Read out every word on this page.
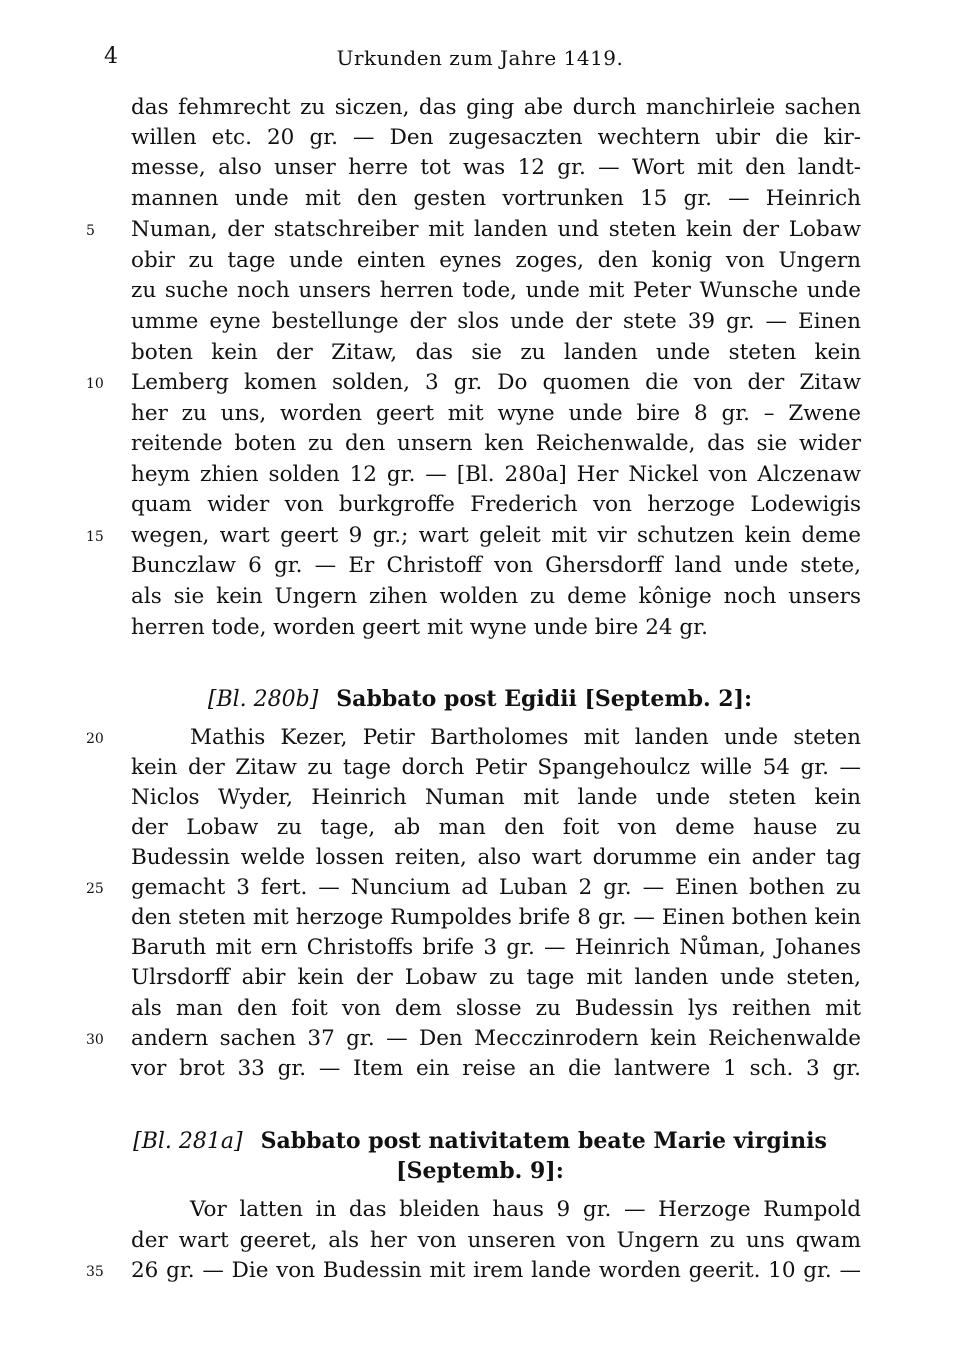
4	Urkunden zum Jahre 1419.
das fehmrecht zu siczen, das ging abe durch manchirleie sachen
willen etc. 20 gr. — Den zugesaczten wechtern ubir die kir-
messe, also unser herre tot was 12 gr. — Wort mit den landt-
mannen unde mit den gesten vortrunken 15 gr. — Heinrich
5	Numan, der statschreiber mit landen und steten kein der Lobaw
obir zu tage unde einten eynes zoges, den konig von Ungern
zu suche noch unsers herren tode, unde mit Peter Wunsche unde
umme eyne bestellunge der slos unde der stete 39 gr. — Einen
boten kein der Zitaw, das sie zu landen unde steten kein
10	Lemberg komen solden, 3 gr. Do quomen die von der Zitaw
her zu uns, worden geert mit wyne unde bire 8 gr. – Zwene
reitende boten zu den unsern ken Reichenwalde, das sie wider
heym zhien solden 12 gr. — [Bl. 280a] Her Nickel von Alczenaw
quam wider von burkgroffe Frederich von herzoge Lodewigis
15	wegen, wart geert 9 gr.; wart geleit mit vir schutzen kein deme
Bunczlaw 6 gr. — Er Christoff von Ghersdorff land unde stete,
als sie kein Ungern zihen wolden zu deme kônige noch unsers
herren tode, worden geert mit wyne unde bire 24 gr.
[Bl. 280b] Sabbato post Egidii [Septemb. 2]:
20	Mathis Kezer, Petir Bartholomes mit landen unde steten
kein der Zitaw zu tage dorch Petir Spangehoulcz wille 54 gr. —
Niclos Wyder, Heinrich Numan mit lande unde steten kein
der Lobaw zu tage, ab man den foit von deme hause zu
Budessin welde lossen reiten, also wart dorumme ein ander tag
25	gemacht 3 fert. — Nuncium ad Luban 2 gr. — Einen bothen zu
den steten mit herzoge Rumpoldes brife 8 gr. — Einen bothen kein
Baruth mit ern Christoffs brife 3 gr. — Heinrich Nůman, Johanes
Ulrsdorff abir kein der Lobaw zu tage mit landen unde steten,
als man den foit von dem slosse zu Budessin lys reithen mit
30	andern sachen 37 gr. — Den Mecczinrodern kein Reichenwalde
vor brot 33 gr. — Item ein reise an die lantwere 1 sch. 3 gr.
[Bl. 281a] Sabbato post nativitatem beate Marie virginis
[Septemb. 9]:
Vor latten in das bleiden haus 9 gr. — Herzoge Rumpold
der wart geeret, als her von unseren von Ungern zu uns qwam
35	26 gr. — Die von Budessin mit irem lande worden geerit. 10 gr. —
